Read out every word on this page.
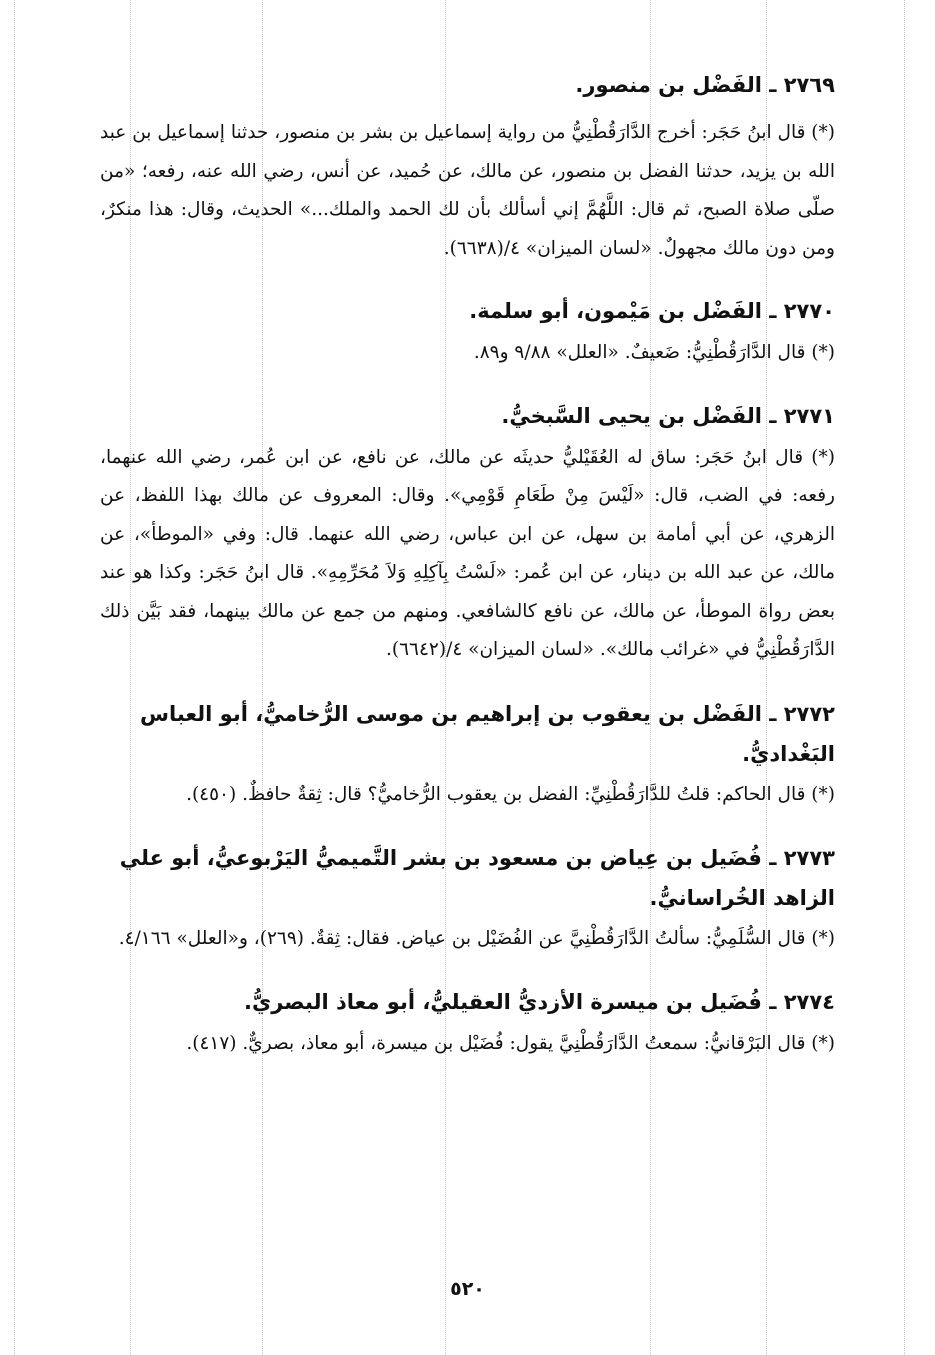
٢٧٦٩ ـ الفَضْل بن منصور.

(*) قال ابنُ حَجَر: أخرج الدَّارَقُطْنِيُّ من رواية إسماعيل بن بشر بن منصور، حدثنا إسماعيل بن عبد الله بن يزيد، حدثنا الفضل بن منصور، عن مالك، عن حُميد، عن أنس، رضي الله عنه، رفعه؛ «من صلّى صلاة الصبح، ثم قال: اللَّهُمَّ إني أسألك بأن لك الحمد والملك...» الحديث، وقال: هذا منكرٌ، ومن دون مالك مجهولٌ. «لسان الميزان» ٤/(٦٦٣٨).

٢٧٧٠ ـ الفَضْل بن مَيْمون، أبو سلمة.

(*) قال الدَّارَقُطْنِيُّ: ضَعيفٌ. «العلل» ٩/٨٨ و٨٩.

٢٧٧١ ـ الفَضْل بن يحيى السَّبخيُّ.

(*) قال ابنُ حَجَر: ساق له العُقَيْليُّ حديثَه عن مالك، عن نافع، عن ابن عُمر، رضي الله عنهما، رفعه: في الضب، قال: «لَيْسَ مِنْ طَعَامِ قَوْمِي». وقال: المعروف عن مالك بهذا اللفظ، عن الزهري، عن أبي أمامة بن سهل، عن ابن عباس، رضي الله عنهما. قال: وفي «الموطأ»، عن مالك، عن عبد الله بن دينار، عن ابن عُمر: «لَسْتُ بِآكِلِهِ وَلاَ مُحَرِّمِهِ». قال ابنُ حَجَر: وكذا هو عند بعض رواة الموطأ، عن مالك، عن نافع كالشافعي. ومنهم من جمع عن مالك بينهما، فقد بَيَّن ذلك الدَّارَقُطْنِيُّ في «غرائب مالك». «لسان الميزان» ٤/(٦٦٤٢).

٢٧٧٢ ـ الفَضْل بن يعقوب بن إبراهيم بن موسى الرُّخاميُّ، أبو العباس البَغْداديُّ.

(*) قال الحاكم: قلتُ للدَّارَقُطْنِيِّ: الفضل بن يعقوب الرُّخاميُّ؟ قال: ثِقةٌ حافظٌ. (٤٥٠).

٢٧٧٣ ـ فُضَيل بن عِياض بن مسعود بن بشر التَّميميُّ اليَرْبوعيُّ، أبو علي الزاهد الخُراسانيُّ.

(*) قال السُّلَمِيُّ: سألتُ الدَّارَقُطْنِيَّ عن الفُضَيْل بن عياض. فقال: ثِقةٌ. (٢٦٩)، و«العلل» ٤/١٦٦.

٢٧٧٤ ـ فُضَيل بن ميسرة الأزديُّ العقيليُّ، أبو معاذ البصريُّ.

(*) قال البَرْقانيُّ: سمعتُ الدَّارَقُطْنِيَّ يقول: فُضَيْل بن ميسرة، أبو معاذ، بصريٌّ. (٤١٧).

٥٢٠
